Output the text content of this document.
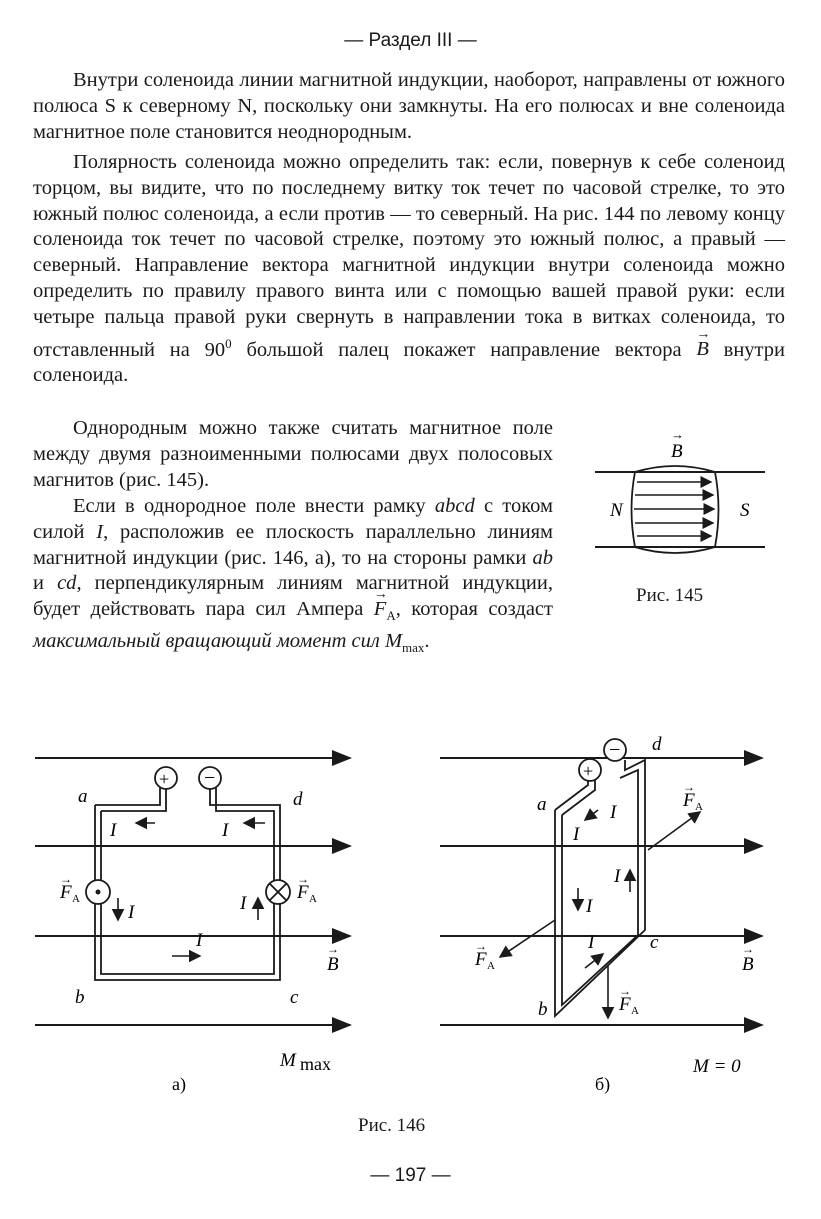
— Раздел III —

Внутри соленоида линии магнитной индукции, наоборот, направлены от южного полюса S к северному N, поскольку они замкнуты. На его полюсах и вне соленоида магнитное поле становится неоднородным.

Полярность соленоида можно определить так: если, повернув к себе соленоид торцом, вы видите, что по последнему витку ток течет по часовой стрелке, то это южный полюс соленоида, а если против — то северный. На рис. 144 по левому концу соленоида ток течет по часовой стрелке, поэтому это южный полюс, а правый — северный. Направление вектора магнитной индукции внутри соленоида можно определить по правилу правого винта или с помощью вашей правой руки: если четыре пальца правой руки свернуть в направлении тока в витках соленоида, то отставленный на $90^0$ большой палец покажет направление вектора → B внутри соленоида.

Однородным можно также считать магнитное поле между двумя разноименными полюсами двух полосовых магнитов (рис. 145).

Если в однородное поле внести рамку abcd с током силой I, расположив ее плоскость параллельно линиям магнитной индукции (рис. 146, а), то на стороны рамки ab и cd, перпендикулярным линиям магнитной индукции, будет действовать пара сил Ампера → $F_A$, которая создаст максимальный вращающий момент сил $M_{max}$.

B
→
N	S
Рис. 145
+ −
a	d
b	c
I	I
I	I
I
F A
→
F A
→
B
→
M max
а)
+
−
a
d
b
c
I
I
I
I
I
F A
→
F A
→
F A
→
B
→
M = 0
б)
Рис. 146
— 197 —
